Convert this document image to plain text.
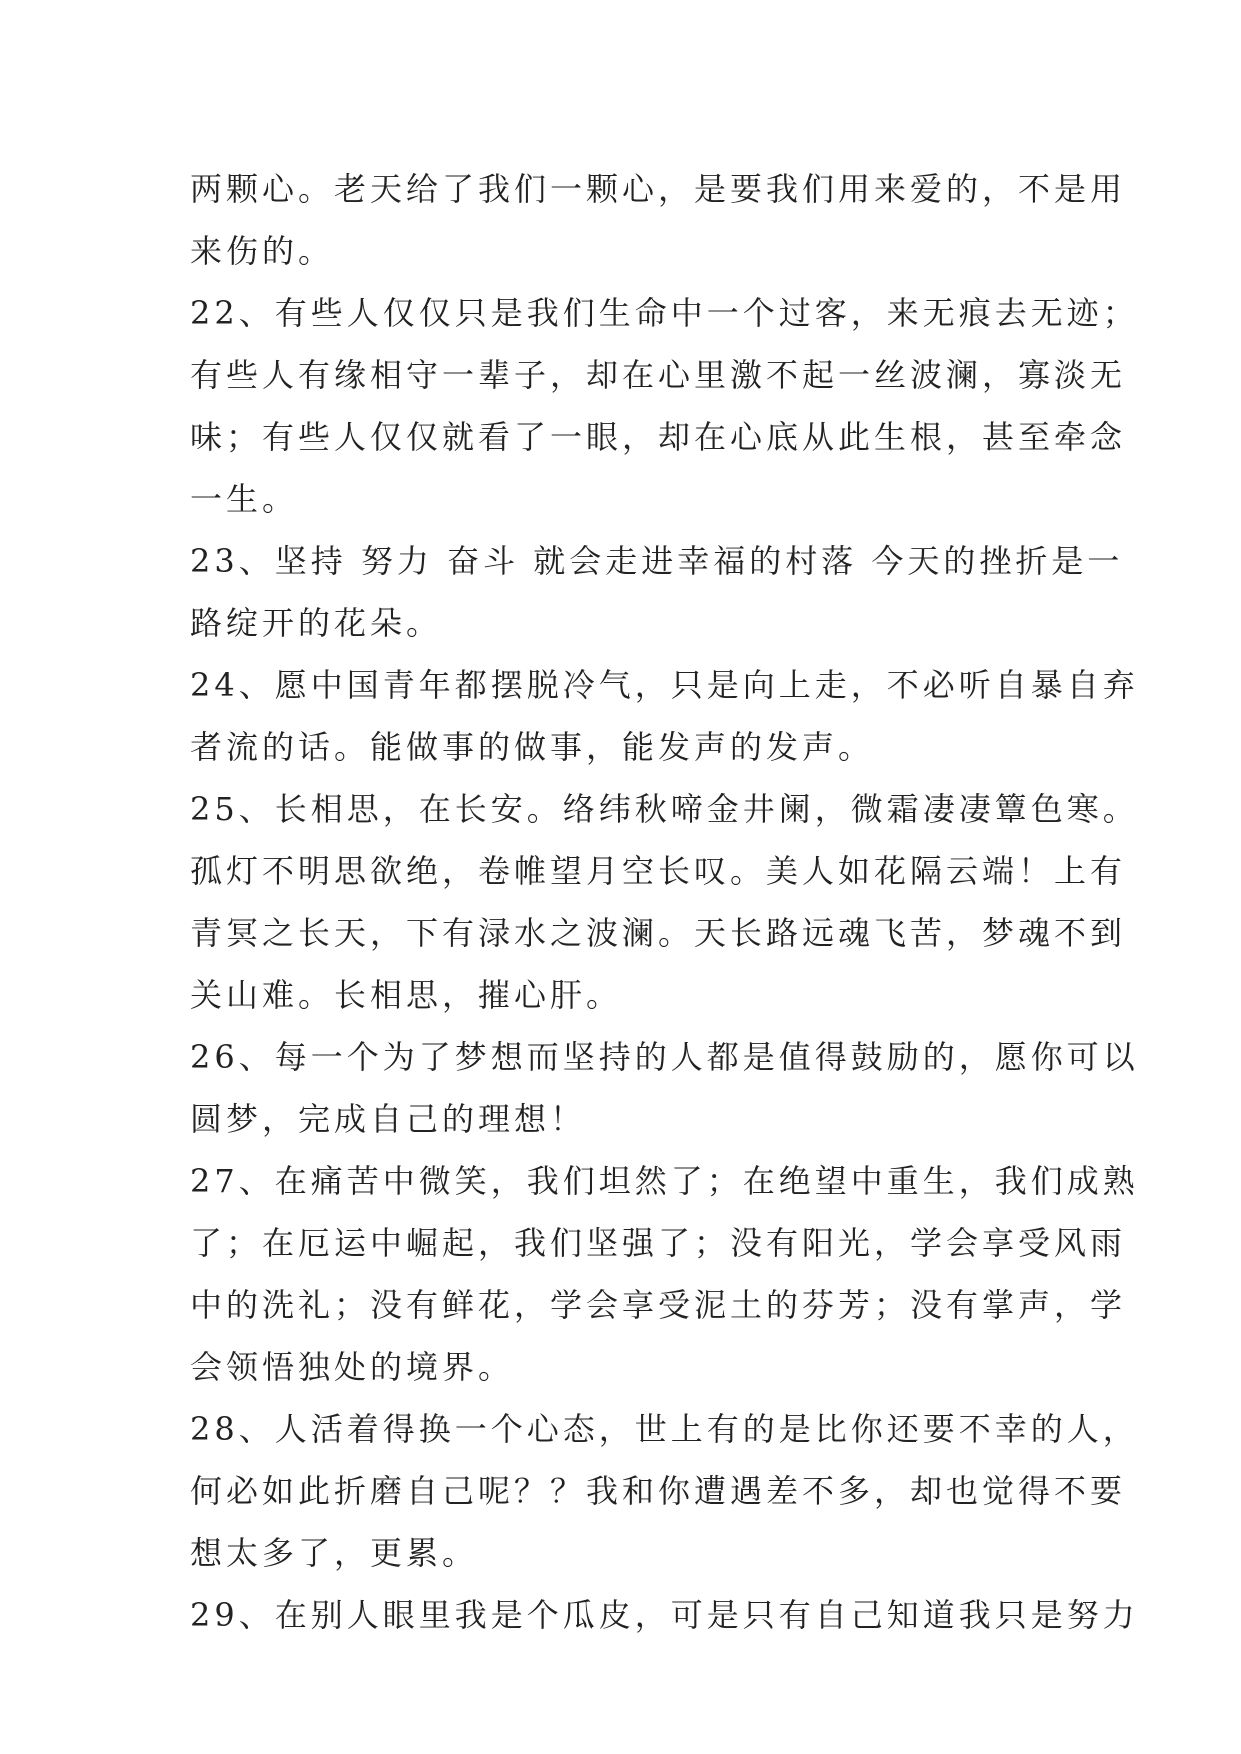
两颗心。老天给了我们一颗心，是要我们用来爱的，不是用
来伤的。
22、有些人仅仅只是我们生命中一个过客，来无痕去无迹；
有些人有缘相守一辈子，却在心里激不起一丝波澜，寡淡无
味；有些人仅仅就看了一眼，却在心底从此生根，甚至牵念
一生。
23、坚持 努力 奋斗 就会走进幸福的村落 今天的挫折是一
路绽开的花朵。
24、愿中国青年都摆脱冷气，只是向上走，不必听自暴自弃
者流的话。能做事的做事，能发声的发声。
25、长相思，在长安。络纬秋啼金井阑，微霜凄凄簟色寒。
孤灯不明思欲绝，卷帷望月空长叹。美人如花隔云端！上有
青冥之长天，下有渌水之波澜。天长路远魂飞苦，梦魂不到
关山难。长相思，摧心肝。
26、每一个为了梦想而坚持的人都是值得鼓励的，愿你可以
圆梦，完成自己的理想！
27、在痛苦中微笑，我们坦然了；在绝望中重生，我们成熟
了；在厄运中崛起，我们坚强了；没有阳光，学会享受风雨
中的洗礼；没有鲜花，学会享受泥土的芬芳；没有掌声，学
会领悟独处的境界。
28、人活着得换一个心态，世上有的是比你还要不幸的人，
何必如此折磨自己呢？？我和你遭遇差不多，却也觉得不要
想太多了，更累。
29、在别人眼里我是个瓜皮，可是只有自己知道我只是努力
